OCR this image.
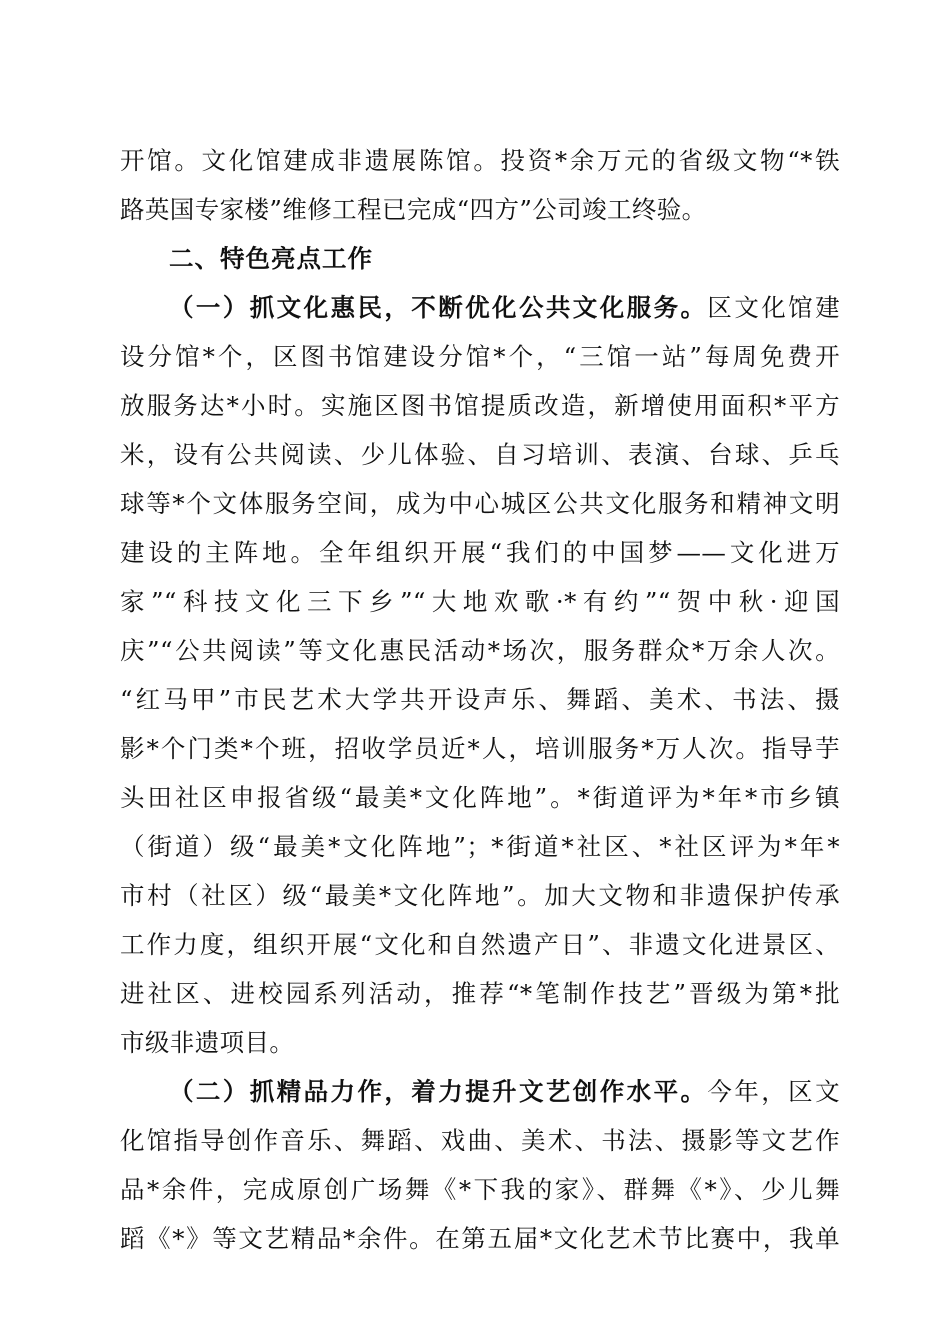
开馆。文化馆建成非遗展陈馆。投资*余万元的省级文物“*铁
路英国专家楼”维修工程已完成“四方”公司竣工终验。
二、特色亮点工作
（一）抓文化惠民，不断优化公共文化服务。区文化馆建
设分馆*个，区图书馆建设分馆*个，“三馆一站”每周免费开
放服务达*小时。实施区图书馆提质改造，新增使用面积*平方
米，设有公共阅读、少儿体验、自习培训、表演、台球、乒乓
球等*个文体服务空间，成为中心城区公共文化服务和精神文明
建设的主阵地。全年组织开展“我们的中国梦——文化进万
家”“科技文化三下乡”“大地欢歌·*有约”“贺中秋·迎国
庆”“公共阅读”等文化惠民活动*场次，服务群众*万余人次。
“红马甲”市民艺术大学共开设声乐、舞蹈、美术、书法、摄
影*个门类*个班，招收学员近*人，培训服务*万人次。指导芋
头田社区申报省级“最美*文化阵地”。*街道评为*年*市乡镇
（街道）级“最美*文化阵地”；*街道*社区、*社区评为*年*
市村（社区）级“最美*文化阵地”。加大文物和非遗保护传承
工作力度，组织开展“文化和自然遗产日”、非遗文化进景区、
进社区、进校园系列活动，推荐“*笔制作技艺”晋级为第*批
市级非遗项目。
（二）抓精品力作，着力提升文艺创作水平。今年，区文
化馆指导创作音乐、舞蹈、戏曲、美术、书法、摄影等文艺作
品*余件，完成原创广场舞《*下我的家》、群舞《*》、少儿舞
蹈《*》等文艺精品*余件。在第五届*文化艺术节比赛中，我单
